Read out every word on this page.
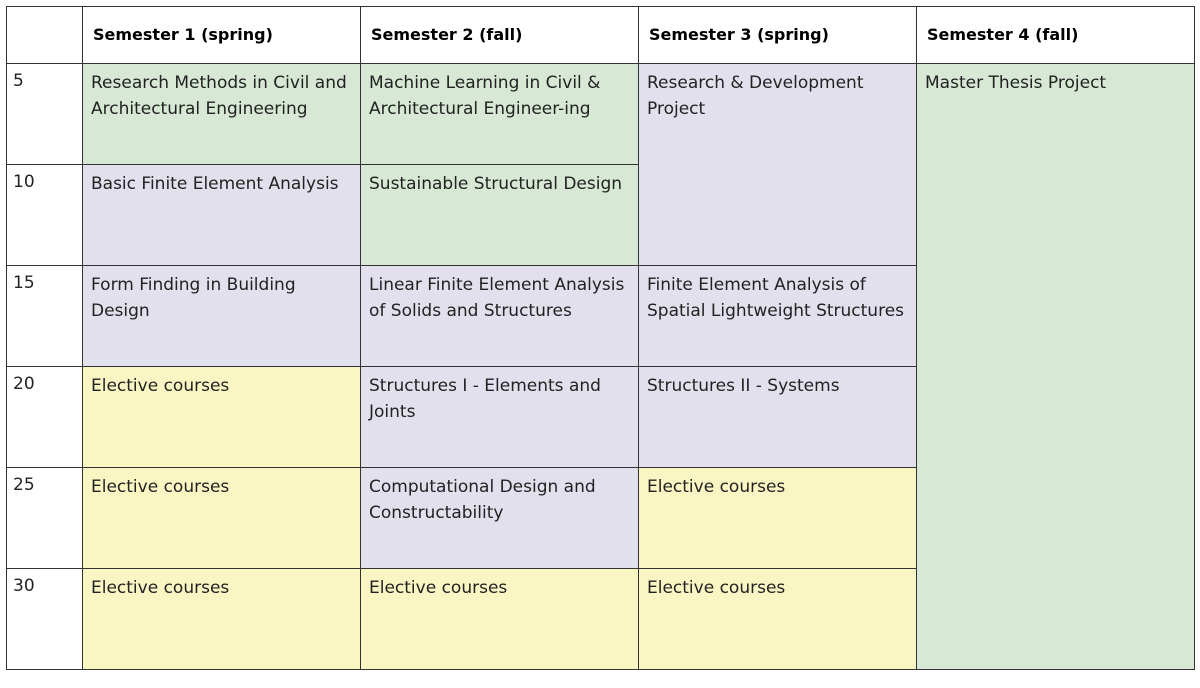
	Semester 1 (spring)	Semester 2 (fall)	Semester 3 (spring)	Semester 4 (fall)
5	Research Methods in Civil and Architectural Engineering	Machine Learning in Civil & Architectural Engineer-ing	Research & Development Project	Master Thesis Project
10	Basic Finite Element Analysis	Sustainable Structural Design		
15	Form Finding in Building Design	Linear Finite Element Analysis of Solids and Structures	Finite Element Analysis of Spatial Lightweight Structures	
20	Elective courses	Structures I - Elements and Joints	Structures II - Systems	
25	Elective courses	Computational Design and Constructability	Elective courses	
30	Elective courses	Elective courses	Elective courses	
